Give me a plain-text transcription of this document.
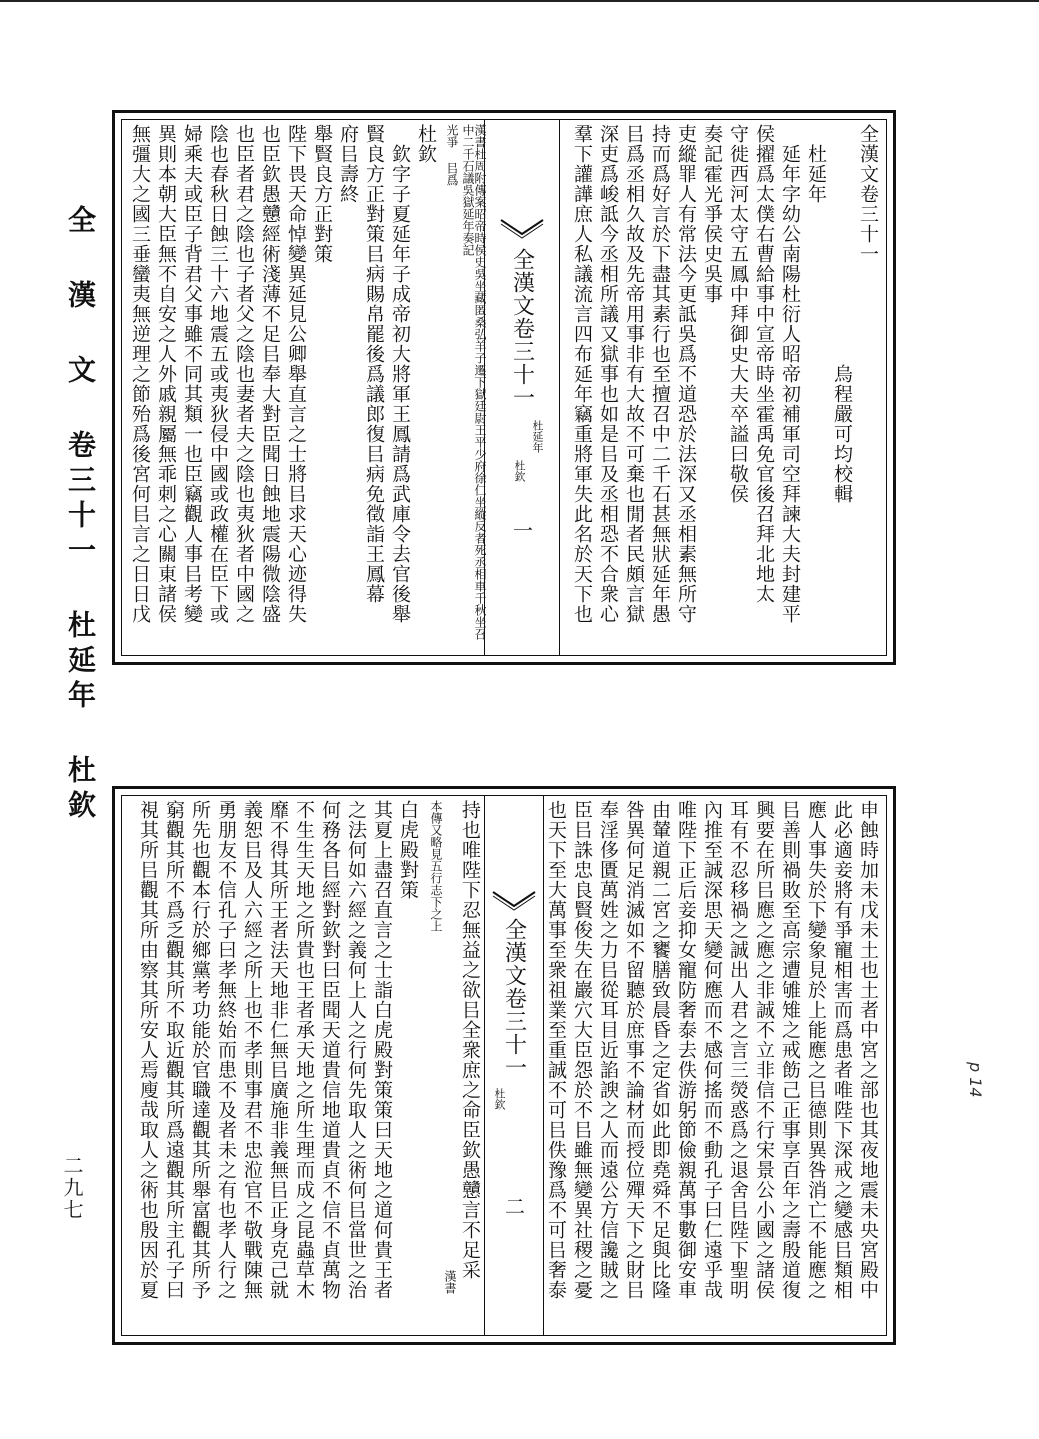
全 漢 文 卷三十一 杜延年 杜欽
二九七
p 14
全漢文卷三十一
烏程嚴可均校輯
杜延年
延年字幼公南陽杜衍人昭帝初補軍司空拜諫大夫封建平
侯擢爲太僕右曹給事中宣帝時坐霍禹免官後召拜北地太
守徙西河太守五鳳中拜御史大夫卒謚曰敬侯
奏記霍光爭侯史吳事
吏縱罪人有常法今更詆吳爲不道恐於法深又丞相素無所守
持而爲好言於下盡其素行也至擅召中二千石甚無狀延年愚
㠯爲丞相久故及先帝用事非有大故不可棄也閒者民頗言獄
深吏爲峻詆今丞相所議又獄事也如是㠯及丞相恐不合衆心
羣下讙譁庶人私議流言四布延年竊重將軍失此名於天下也
全漢文卷三十一
杜延年
杜欽
一
漢書杜周附傳案昭帝時侯史吳坐藏匿桑弘羊子遷下獄廷尉王平少府徐仁坐縱反者死丞相車千秋坐召中二千石議吳獄延年奏記
光爭 㠯爲
杜欽
欽字子夏延年子成帝初大將軍王鳳請爲武庫令去官後舉
賢良方正對策㠯病賜帛罷後爲議郎復㠯病免徵詣王鳳幕
府㠯壽終
舉賢良方正對策
陛下畏天命悼變異延見公卿舉直言之士將㠯求天心迹得失
也臣欽愚戇經術淺薄不足㠯奉大對臣聞日蝕地震陽微陰盛
也臣者君之陰也子者父之陰也妻者夫之陰也夷狄者中國之
陰也春秋日蝕三十六地震五或夷狄侵中國或政權在臣下或
婦乘夫或臣子背君父事雖不同其類一也臣竊觀人事㠯考變
異則本朝大臣無不自安之人外戚親屬無乖刺之心關東諸侯
無彊大之國三垂蠻夷無逆理之節殆爲後宮何㠯言之日日戊
申蝕時加未戊未土也土者中宮之部也其夜地震未央宮殿中
此必適妾將有爭寵相害而爲患者唯陛下深戒之變感㠯類相
應人事失於下變象見於上能應之㠯德則異咎消亡不能應之
㠯善則禍敗至高宗遭雊雉之戒飭己正事享百年之壽殷道復
興要在所㠯應之應之非誠不立非信不行宋景公小國之諸侯
耳有不忍移禍之誠出人君之言三熒惑爲之退舍㠯陛下聖明
內推至誠深思天變何應而不感何搖而不動孔子曰仁遠乎哉
唯陛下正后妾抑女寵防奢泰去佚游躬節儉親萬事數御安車
由輦道親二宮之饔膳致晨昏之定省如此即堯舜不足與比隆
咎異何足消滅如不留聽於庶事不論材而授位殫天下之財㠯
奉淫侈匱萬姓之力㠯從耳目近諂諛之人而遠公方信讒賊之
臣㠯誅忠良賢俊失在巖穴大臣怨於不㠯雖無變異社稷之憂
也天下至大萬事至衆祖業至重誠不可㠯佚豫爲不可㠯奢泰
全漢文卷三十一
杜欽
二
持也唯陛下忍無益之欲㠯全衆庶之命臣欽愚戇言不足采
漢書
本傳又略見五行志下之上
白虎殿對策
其夏上盡召直言之士詣白虎殿對策策曰天地之道何貴王者
之法何如六經之義何上人之行何先取人之術何㠯當世之治
何務各㠯經對欽對曰臣聞天道貴信地道貴貞不信不貞萬物
不生生天地之所貴也王者承天地之所生理而成之昆蟲草木
靡不得其所王者法天地非仁無㠯廣施非義無㠯正身克己就
義恕㠯及人六經之所上也不孝則事君不忠涖官不敬戰陳無
勇朋友不信孔子曰孝無終始而患不及者未之有也孝人行之
所先也觀本行於鄉黨考功能於官職達觀其所舉富觀其所予
窮觀其所不爲乏觀其所不取近觀其所爲遠觀其所主孔子曰
視其所㠯觀其所由察其所安人焉廋哉取人之術也殷因於夏
